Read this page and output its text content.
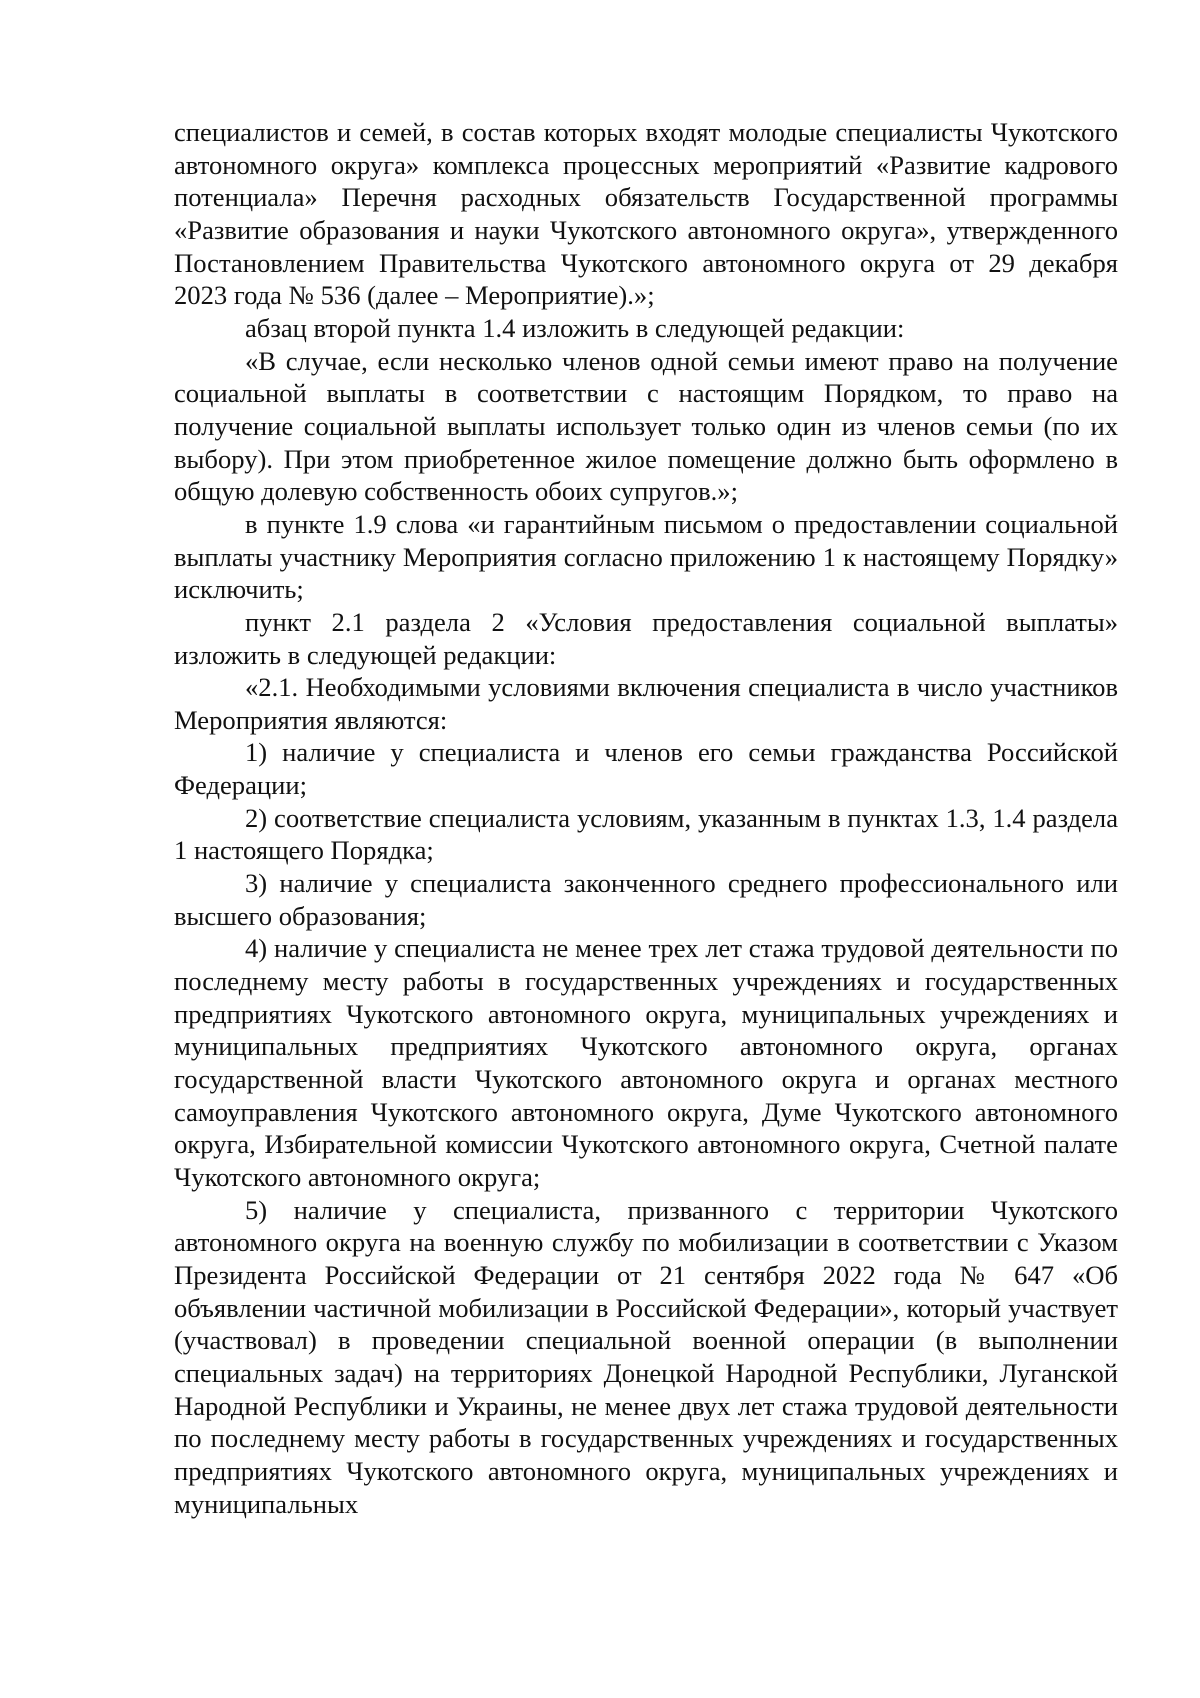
специалистов и семей, в состав которых входят молодые специалисты Чукотского автономного округа» комплекса процессных мероприятий «Развитие кадрового потенциала» Перечня расходных обязательств Государственной программы «Развитие образования и науки Чукотского автономного округа», утвержденного Постановлением Правительства Чукотского автономного округа от 29 декабря 2023 года № 536 (далее – Мероприятие).»;

абзац второй пункта 1.4 изложить в следующей редакции:

«В случае, если несколько членов одной семьи имеют право на получение социальной выплаты в соответствии с настоящим Порядком, то право на получение социальной выплаты использует только один из членов семьи (по их выбору). При этом приобретенное жилое помещение должно быть оформлено в общую долевую собственность обоих супругов.»;

в пункте 1.9 слова «и гарантийным письмом о предоставлении социальной выплаты участнику Мероприятия согласно приложению 1 к настоящему Порядку» исключить;

пункт 2.1 раздела 2 «Условия предоставления социальной выплаты» изложить в следующей редакции:

«2.1. Необходимыми условиями включения специалиста в число участников Мероприятия являются:

1) наличие у специалиста и членов его семьи гражданства Российской Федерации;

2) соответствие специалиста условиям, указанным в пунктах 1.3, 1.4 раздела 1 настоящего Порядка;

3) наличие у специалиста законченного среднего профессионального или высшего образования;

4) наличие у специалиста не менее трех лет стажа трудовой деятельности по последнему месту работы в государственных учреждениях и государственных предприятиях Чукотского автономного округа, муниципальных учреждениях и муниципальных предприятиях Чукотского автономного округа, органах государственной власти Чукотского автономного округа и органах местного самоуправления Чукотского автономного округа, Думе Чукотского автономного округа, Избирательной комиссии Чукотского автономного округа, Счетной палате Чукотского автономного округа;

5) наличие у специалиста, призванного с территории Чукотского автономного округа на военную службу по мобилизации в соответствии с Указом Президента Российской Федерации от 21 сентября 2022 года № 647 «Об объявлении частичной мобилизации в Российской Федерации», который участвует (участвовал) в проведении специальной военной операции (в выполнении специальных задач) на территориях Донецкой Народной Республики, Луганской Народной Республики и Украины, не менее двух лет стажа трудовой деятельности по последнему месту работы в государственных учреждениях и государственных предприятиях Чукотского автономного округа, муниципальных учреждениях и муниципальных
